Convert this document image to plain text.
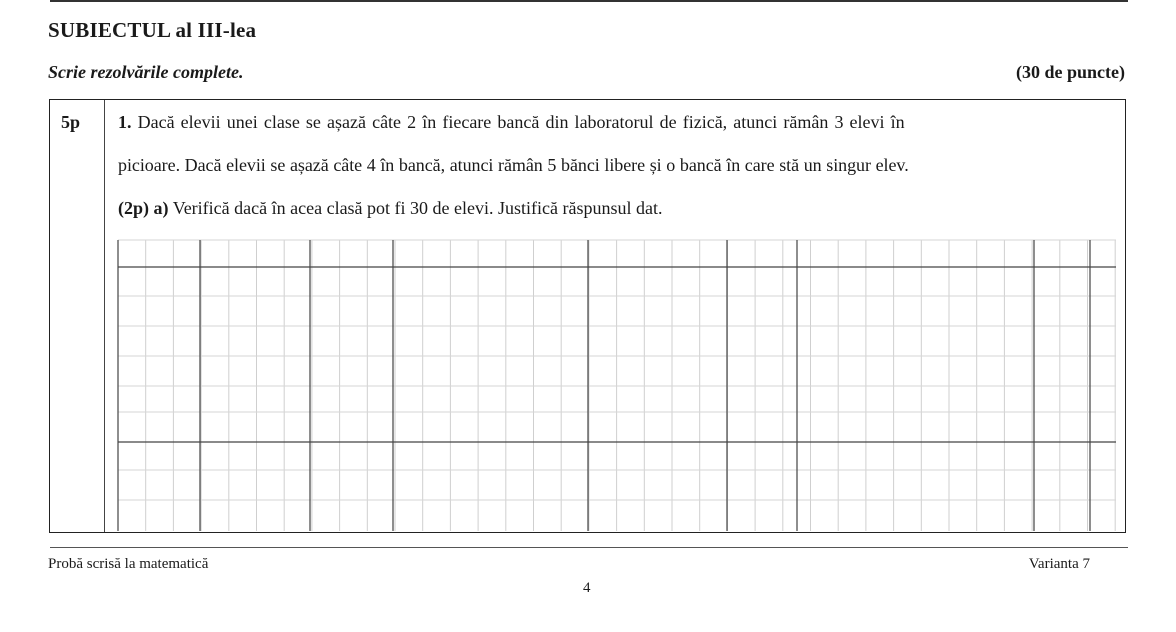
SUBIECTUL al III-lea
Scrie rezolvările complete.	(30 de puncte)
5p 1. Dacă elevii unei clase se așază câte 2 în fiecare bancă din laboratorul de fizică, atunci rămân 3 elevi în
picioare. Dacă elevii se așază câte 4 în bancă, atunci rămân 5 bănci libere și o bancă în care stă un singur elev.
(2p) a) Verifică dacă în acea clasă pot fi 30 de elevi. Justifică răspunsul dat.
Probă scrisă la matematică	Varianta 7
4
